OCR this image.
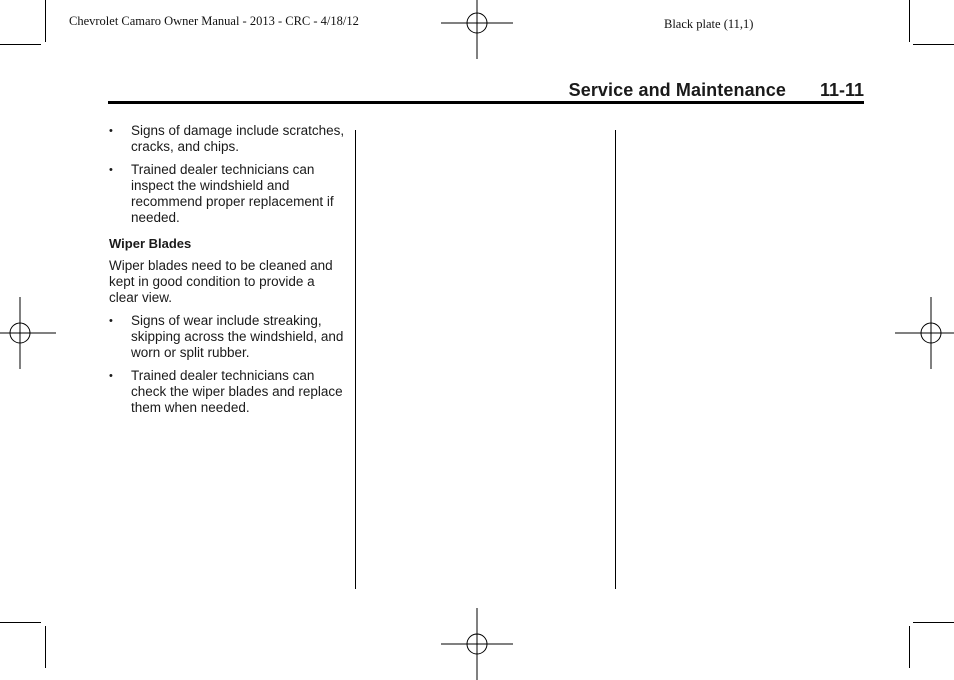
Chevrolet Camaro Owner Manual - 2013 - CRC - 4/18/12	Black plate (11,1)
Service and Maintenance 11-11
• Signs of damage include scratches, cracks, and chips.
• Trained dealer technicians can inspect the windshield and recommend proper replacement if needed.
Wiper Blades
Wiper blades need to be cleaned and kept in good condition to provide a clear view.
• Signs of wear include streaking, skipping across the windshield, and worn or split rubber.
• Trained dealer technicians can check the wiper blades and replace them when needed.
